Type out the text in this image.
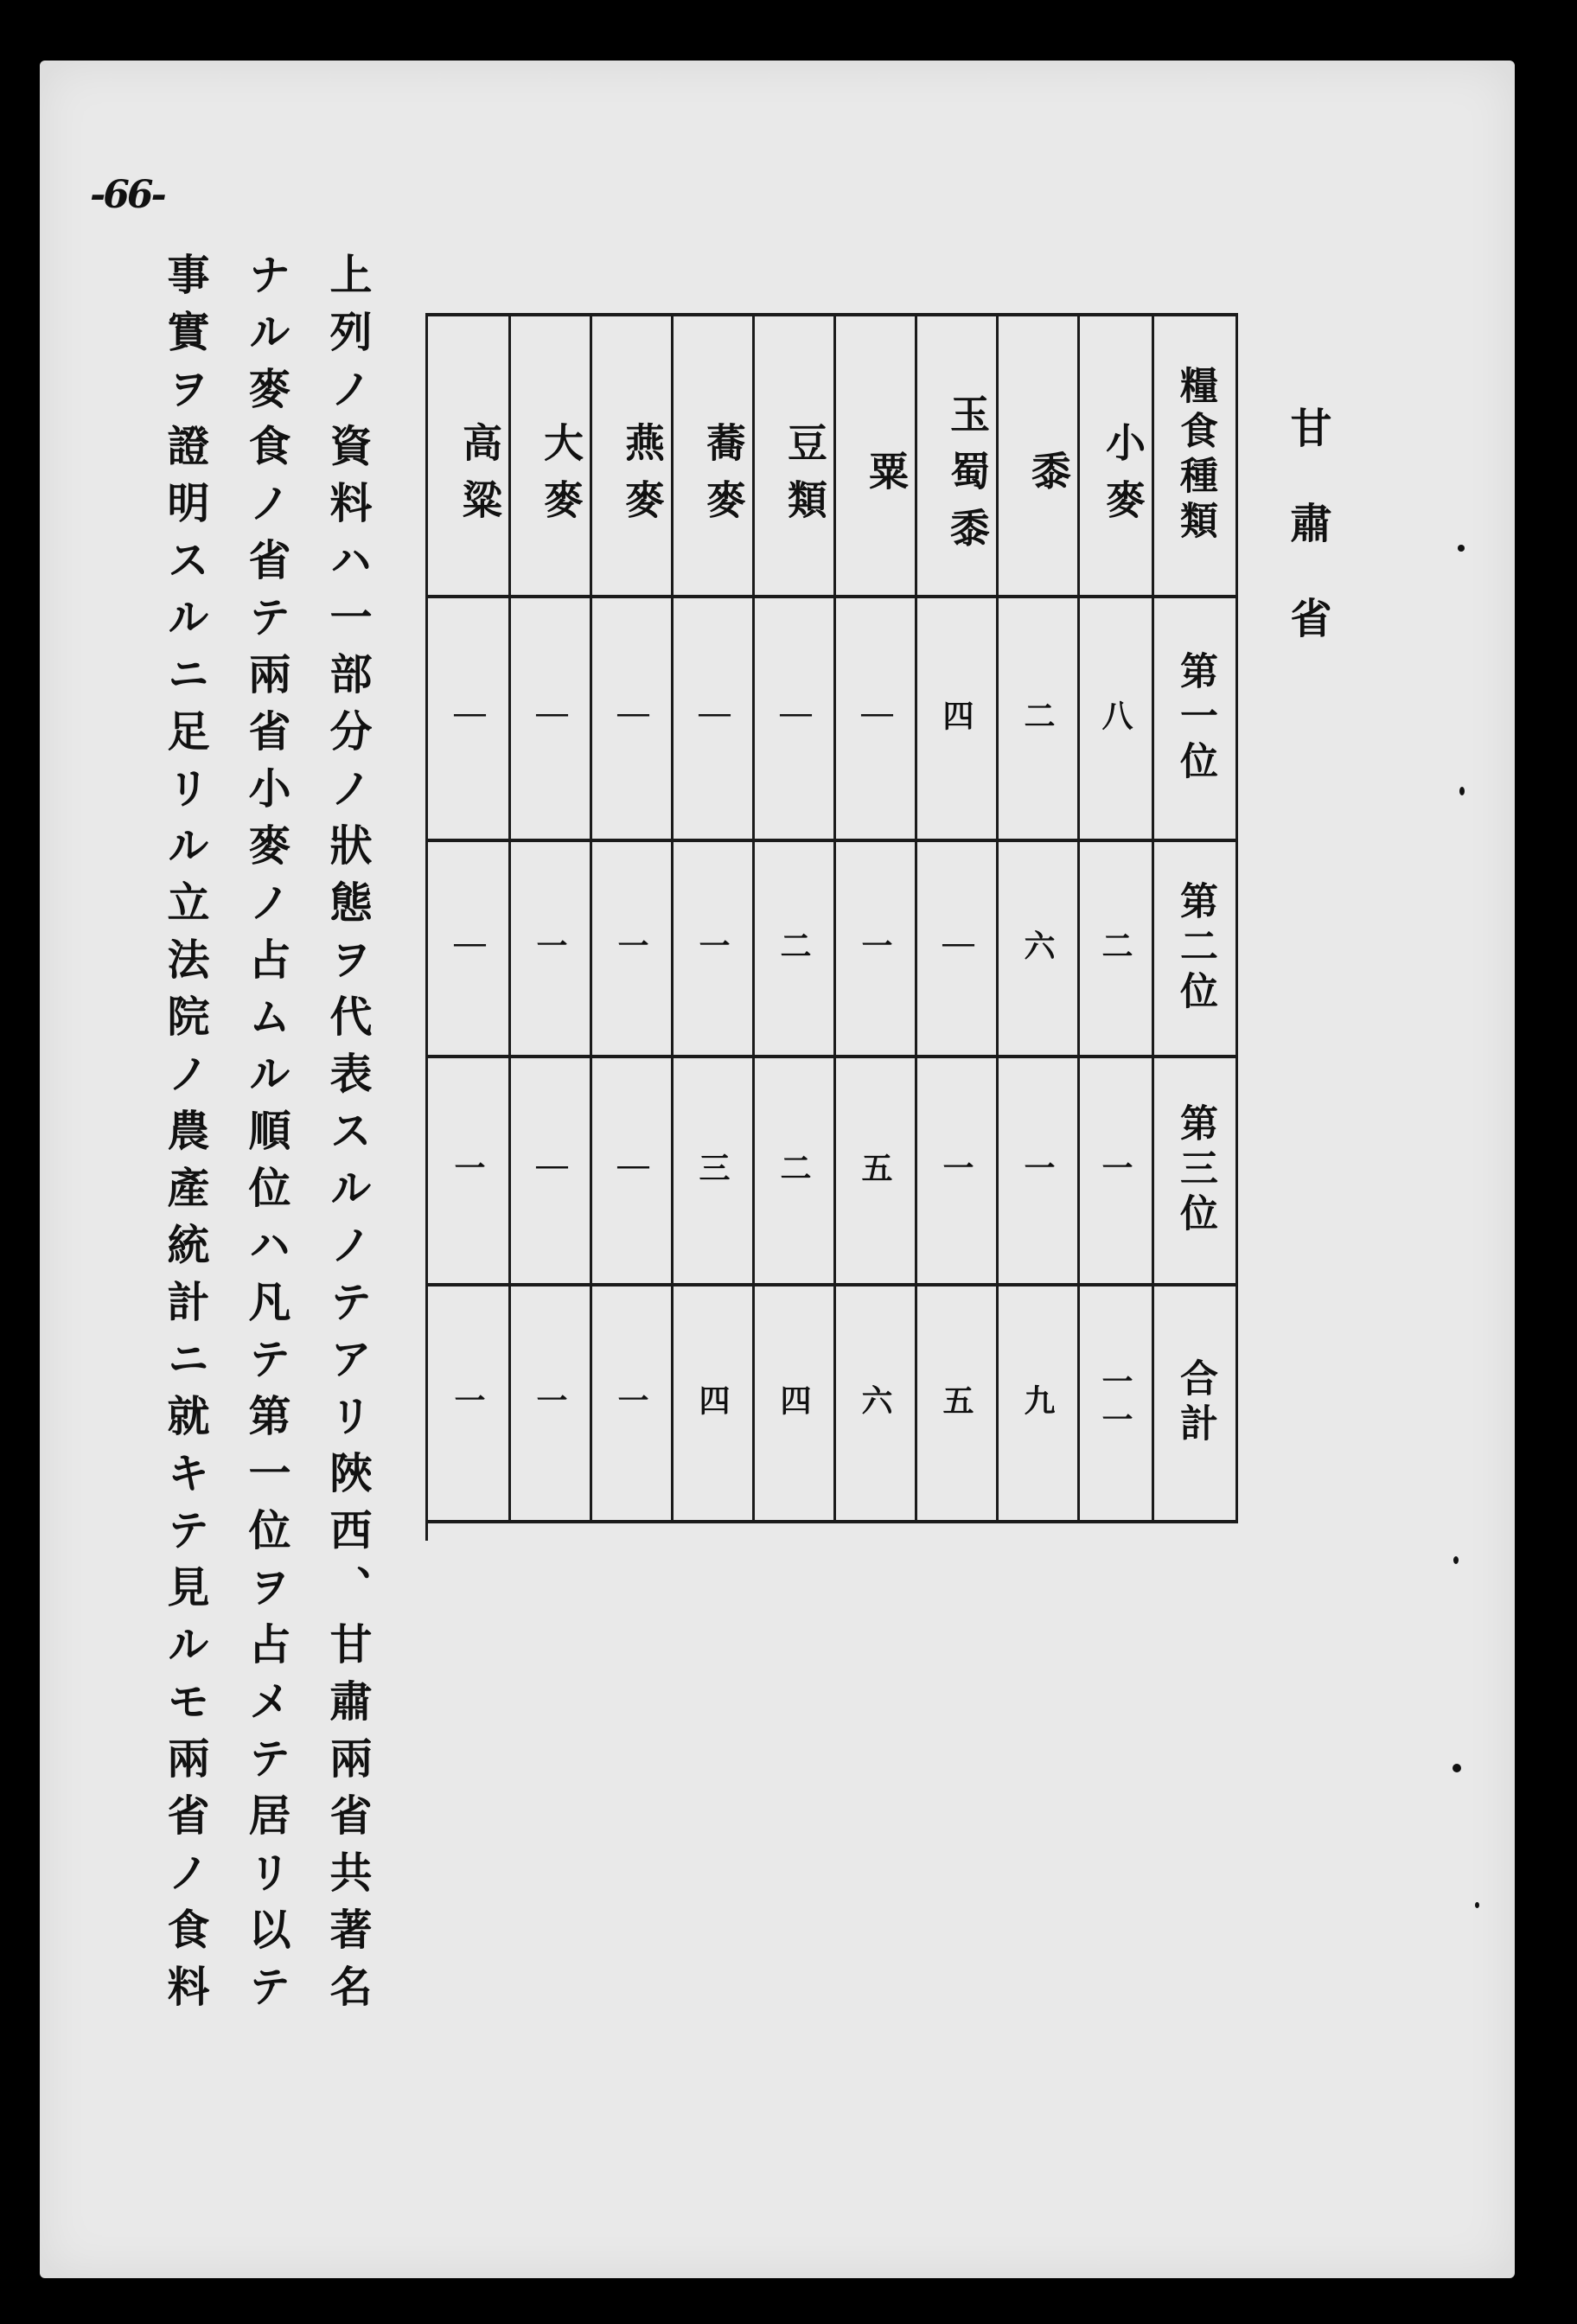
-66-
上列ノ資料ハ一部分ノ狀態ヲ代表スルノテアリ陜西、甘肅兩省共著名
事實ヲ證明スルニ足リル立法院ノ農產統計ニ就キテ見ルモ兩省ノ食料 ナル麥食ノ省テ兩省小麥ノ占ムル順位ハ凡テ第一位ヲ占メテ居リ以テ	甘肅省
糧食種類
第一位
第二位
第三位
合計
小麥
八
二
一
一一
黍
二
六
一
九
玉蜀黍
四
｜
一
五
粟
｜
一
五
六
豆類
｜
二
二
四
蕎麥
｜
一
三
四
燕麥
｜
一
｜
一
大麥
｜
一
｜
一
高粱
｜
｜
一
一
